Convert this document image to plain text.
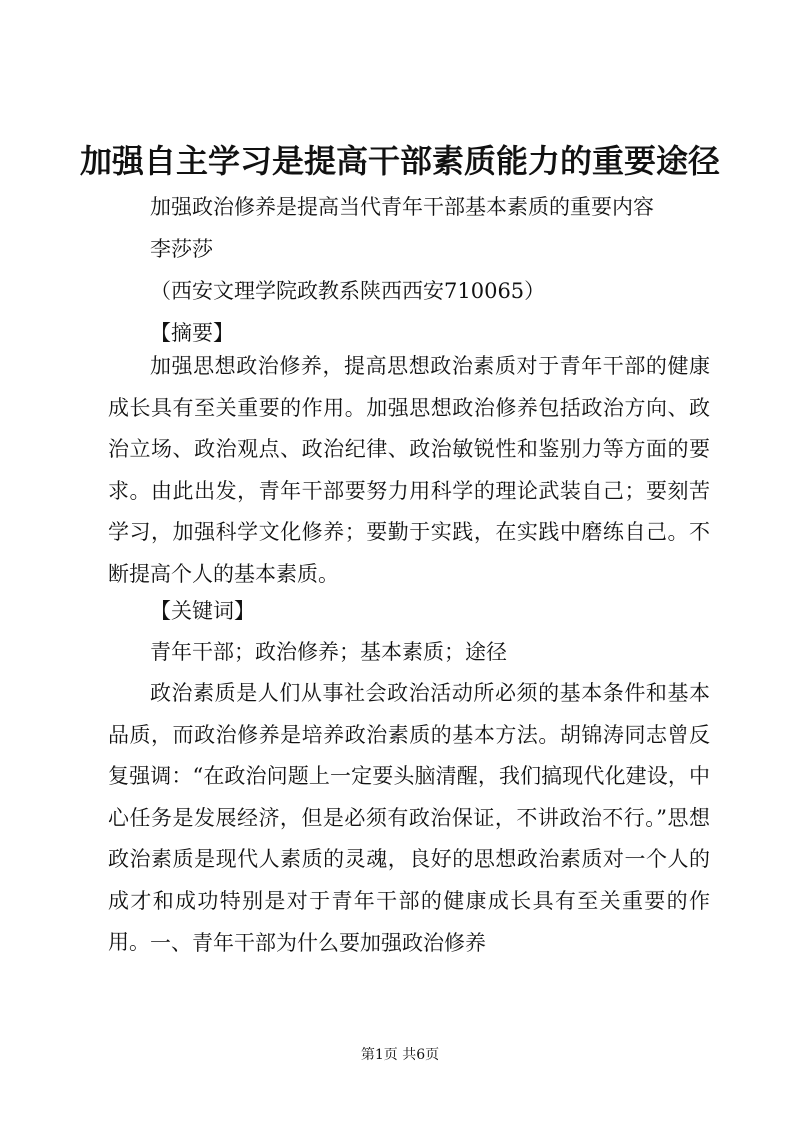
加强自主学习是提高干部素质能力的重要途径
加强政治修养是提高当代青年干部基本素质的重要内容
李莎莎
（西安文理学院政教系陕西西安710065）
【摘要】
加强思想政治修养，提高思想政治素质对于青年干部的健康成长具有至关重要的作用。加强思想政治修养包括政治方向、政治立场、政治观点、政治纪律、政治敏锐性和鉴别力等方面的要求。由此出发，青年干部要努力用科学的理论武装自己；要刻苦学习，加强科学文化修养；要勤于实践，在实践中磨练自己。不断提高个人的基本素质。
【关键词】
青年干部；政治修养；基本素质；途径
政治素质是人们从事社会政治活动所必须的基本条件和基本品质，而政治修养是培养政治素质的基本方法。胡锦涛同志曾反复强调：“在政治问题上一定要头脑清醒，我们搞现代化建设，中心任务是发展经济，但是必须有政治保证，不讲政治不行。”思想政治素质是现代人素质的灵魂，良好的思想政治素质对一个人的成才和成功特别是对于青年干部的健康成长具有至关重要的作用。 一、青年干部为什么要加强政治修养
第1页 共6页
